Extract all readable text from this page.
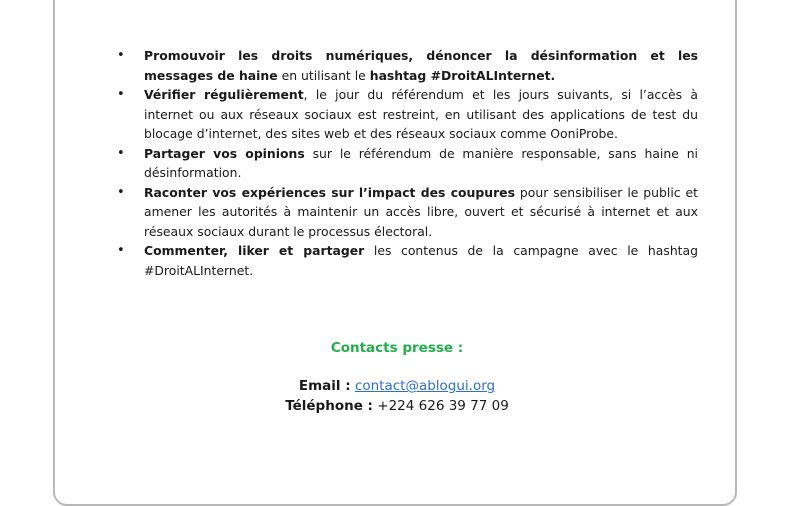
• Promouvoir les droits numériques, dénoncer la désinformation et les messages de haine en utilisant le hashtag #DroitALInternet.
• Vérifier régulièrement, le jour du référendum et les jours suivants, si l’accès à internet ou aux réseaux sociaux est restreint, en utilisant des applications de test du blocage d’internet, des sites web et des réseaux sociaux comme OoniProbe.
• Partager vos opinions sur le référendum de manière responsable, sans haine ni désinformation.
• Raconter vos expériences sur l’impact des coupures pour sensibiliser le public et amener les autorités à maintenir un accès libre, ouvert et sécurisé à internet et aux réseaux sociaux durant le processus électoral.
• Commenter, liker et partager les contenus de la campagne avec le hashtag #DroitALInternet.
Contacts presse :
Email : contact@ablogui.org
Téléphone : +224 626 39 77 09
